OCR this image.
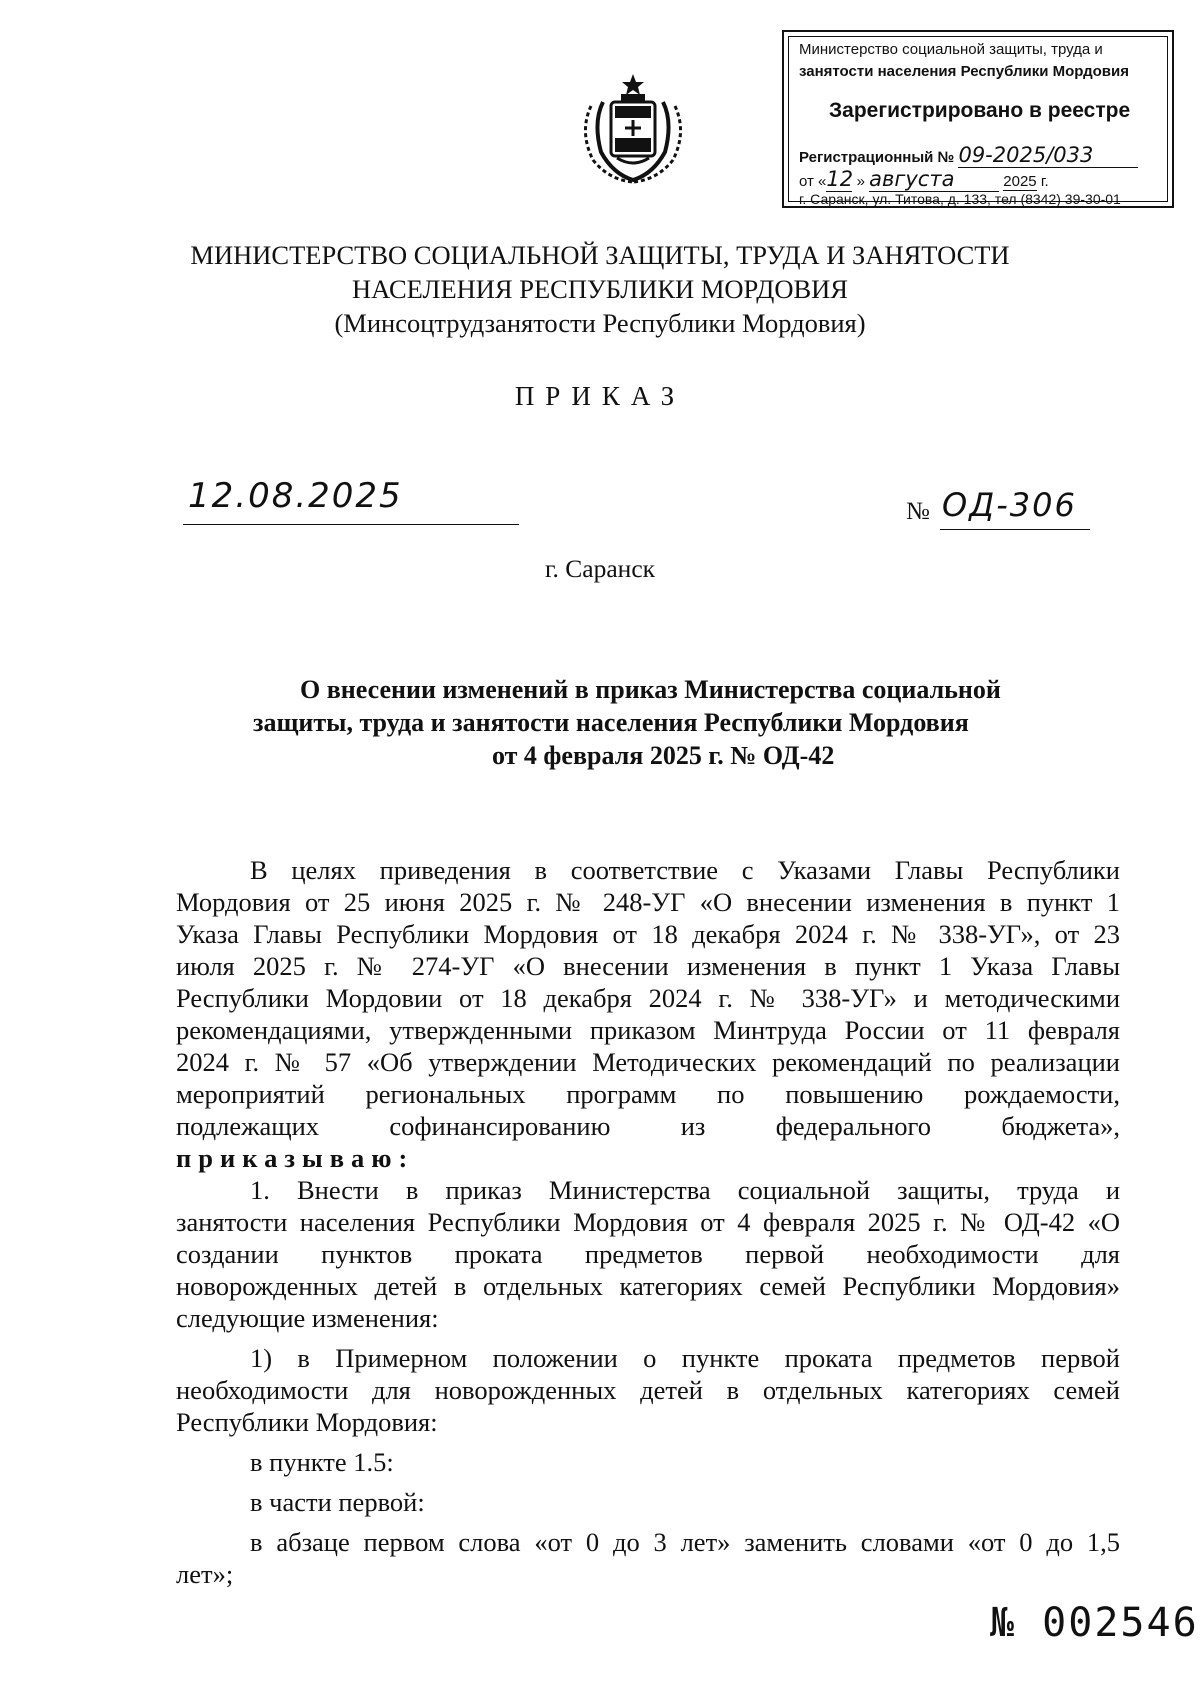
Министерство социальной защиты, труда и
занятости населения Республики Мордовия
Зарегистрировано в реестре
Регистрационный № 09-2025/033
от «12 » августа	2025 г.
г. Саранск, ул. Титова, д. 133, тел (8342) 39-30-01
МИНИСТЕРСТВО СОЦИАЛЬНОЙ ЗАЩИТЫ, ТРУДА И ЗАНЯТОСТИ
НАСЕЛЕНИЯ РЕСПУБЛИКИ МОРДОВИЯ
(Минсоцтрудзанятости Республики Мордовия)
ПРИКАЗ
12.08.2025	№ ОД-306
г. Саранск
О внесении изменений в приказ Министерства социальной
защиты, труда и занятости населения Республики Мордовия
от 4 февраля 2025 г. № ОД-42
В целях приведения в соответствие с Указами Главы Республики
Мордовия от 25 июня 2025 г. № 248-УГ «О внесении изменения в пункт 1
Указа Главы Республики Мордовия от 18 декабря 2024 г. № 338-УГ», от 23
июля 2025 г. № 274-УГ «О внесении изменения в пункт 1 Указа Главы
Республики Мордовии от 18 декабря 2024 г. № 338-УГ» и методическими
рекомендациями, утвержденными приказом Минтруда России от 11 февраля
2024 г. № 57 «Об утверждении Методических рекомендаций по реализации
мероприятий региональных программ по повышению рождаемости,
подлежащих софинансированию из федерального бюджета»,
приказываю:
1. Внести в приказ Министерства социальной защиты, труда и
занятости населения Республики Мордовия от 4 февраля 2025 г. № ОД-42 «О
создании пунктов проката предметов первой необходимости для
новорожденных детей в отдельных категориях семей Республики Мордовия»
следующие изменения:
1) в Примерном положении о пункте проката предметов первой
необходимости для новорожденных детей в отдельных категориях семей
Республики Мордовия:
в пункте 1.5:
в части первой:
в абзаце первом слова «от 0 до 3 лет» заменить словами «от 0 до 1,5
лет»;
№ 002546
